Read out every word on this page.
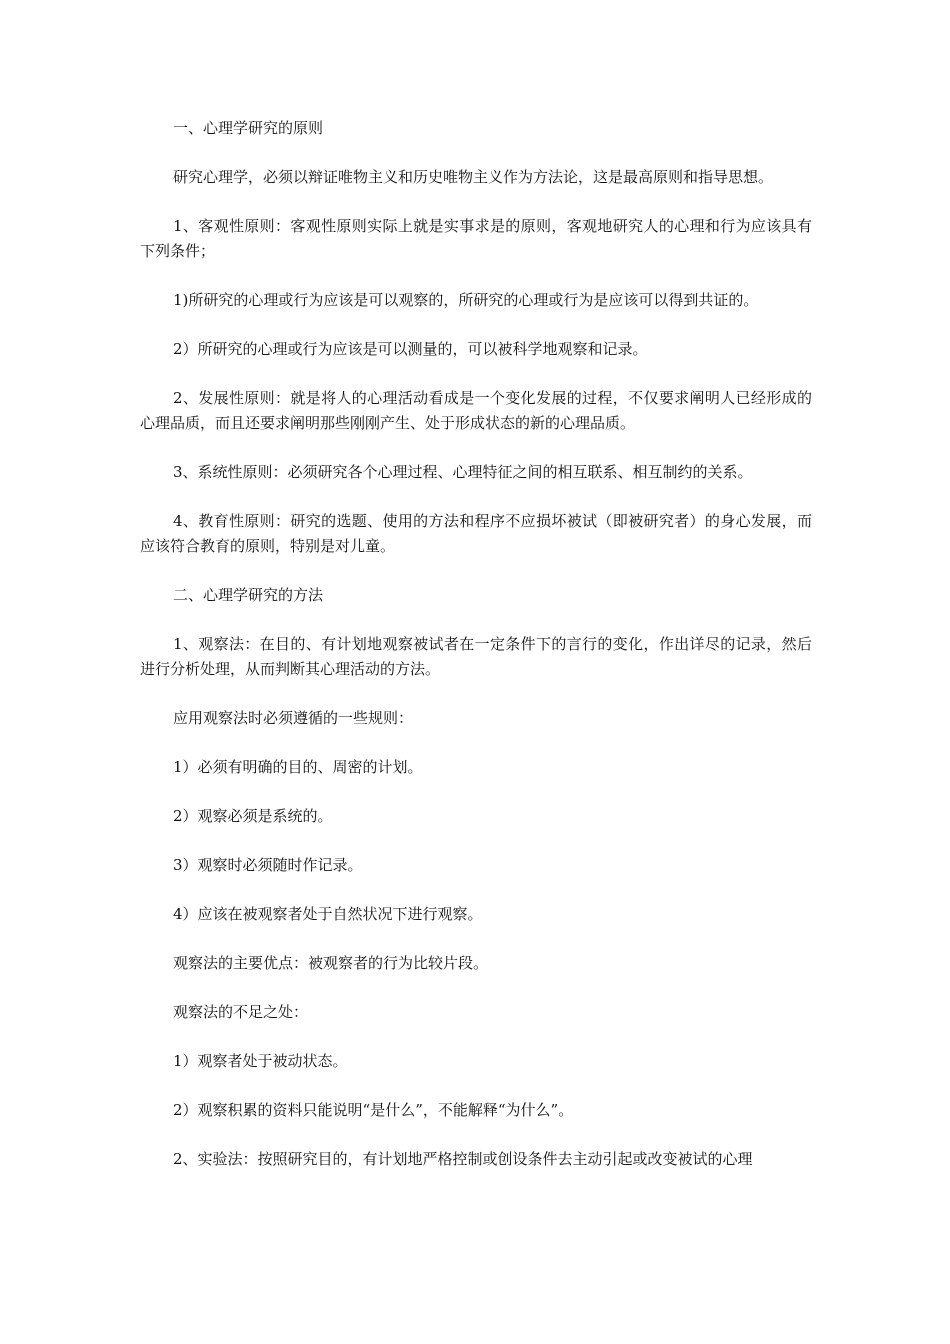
一、心理学研究的原则

研究心理学，必须以辩证唯物主义和历史唯物主义作为方法论，这是最高原则和指导思想。

1、客观性原则：客观性原则实际上就是实事求是的原则，客观地研究人的心理和行为应该具有下列条件；

1)所研究的心理或行为应该是可以观察的，所研究的心理或行为是应该可以得到共证的。

2）所研究的心理或行为应该是可以测量的，可以被科学地观察和记录。

2、发展性原则：就是将人的心理活动看成是一个变化发展的过程，不仅要求阐明人已经形成的心理品质，而且还要求阐明那些刚刚产生、处于形成状态的新的心理品质。

3、系统性原则：必须研究各个心理过程、心理特征之间的相互联系、相互制约的关系。

4、教育性原则：研究的选题、使用的方法和程序不应损坏被试（即被研究者）的身心发展，而应该符合教育的原则，特别是对儿童。

二、心理学研究的方法

1、观察法：在目的、有计划地观察被试者在一定条件下的言行的变化，作出详尽的记录，然后进行分析处理，从而判断其心理活动的方法。

应用观察法时必须遵循的一些规则：

1）必须有明确的目的、周密的计划。

2）观察必须是系统的。

3）观察时必须随时作记录。

4）应该在被观察者处于自然状况下进行观察。

观察法的主要优点：被观察者的行为比较片段。

观察法的不足之处：

1）观察者处于被动状态。

2）观察积累的资料只能说明“是什么”，不能解释“为什么”。

2、实验法：按照研究目的，有计划地严格控制或创设条件去主动引起或改变被试的心理
